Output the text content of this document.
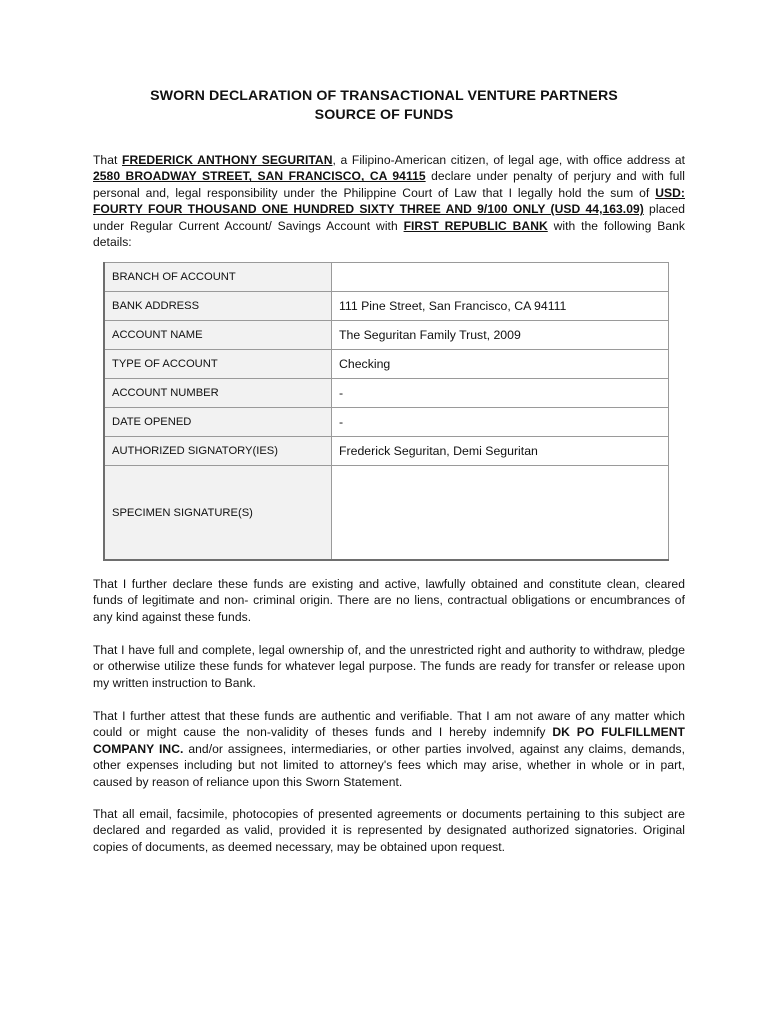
SWORN DECLARATION OF TRANSACTIONAL VENTURE PARTNERS
SOURCE OF FUNDS
That FREDERICK ANTHONY SEGURITAN, a Filipino-American citizen, of legal age, with office address at 2580 BROADWAY STREET, SAN FRANCISCO, CA 94115 declare under penalty of perjury and with full personal and, legal responsibility under the Philippine Court of Law that I legally hold the sum of USD: FOURTY FOUR THOUSAND ONE HUNDRED SIXTY THREE AND 9/100 ONLY (USD 44,163.09) placed under Regular Current Account/ Savings Account with FIRST REPUBLIC BANK with the following Bank details:
BRANCH OF ACCOUNT	
BANK ADDRESS	111 Pine Street, San Francisco, CA 94111
ACCOUNT NAME	The Seguritan Family Trust, 2009
TYPE OF ACCOUNT	Checking
ACCOUNT NUMBER	-
DATE OPENED	-
AUTHORIZED SIGNATORY(IES)	Frederick Seguritan, Demi Seguritan
SPECIMEN SIGNATURE(S)	
That I further declare these funds are existing and active, lawfully obtained and constitute clean, cleared funds of legitimate and non- criminal origin. There are no liens, contractual obligations or encumbrances of any kind against these funds.
That I have full and complete, legal ownership of, and the unrestricted right and authority to withdraw, pledge or otherwise utilize these funds for whatever legal purpose. The funds are ready for transfer or release upon my written instruction to Bank.
That I further attest that these funds are authentic and verifiable. That I am not aware of any matter which could or might cause the non-validity of theses funds and I hereby indemnify DK PO FULFILLMENT COMPANY INC. and/or assignees, intermediaries, or other parties involved, against any claims, demands, other expenses including but not limited to attorney's fees which may arise, whether in whole or in part, caused by reason of reliance upon this Sworn Statement.
That all email, facsimile, photocopies of presented agreements or documents pertaining to this subject are declared and regarded as valid, provided it is represented by designated authorized signatories. Original copies of documents, as deemed necessary, may be obtained upon request.
